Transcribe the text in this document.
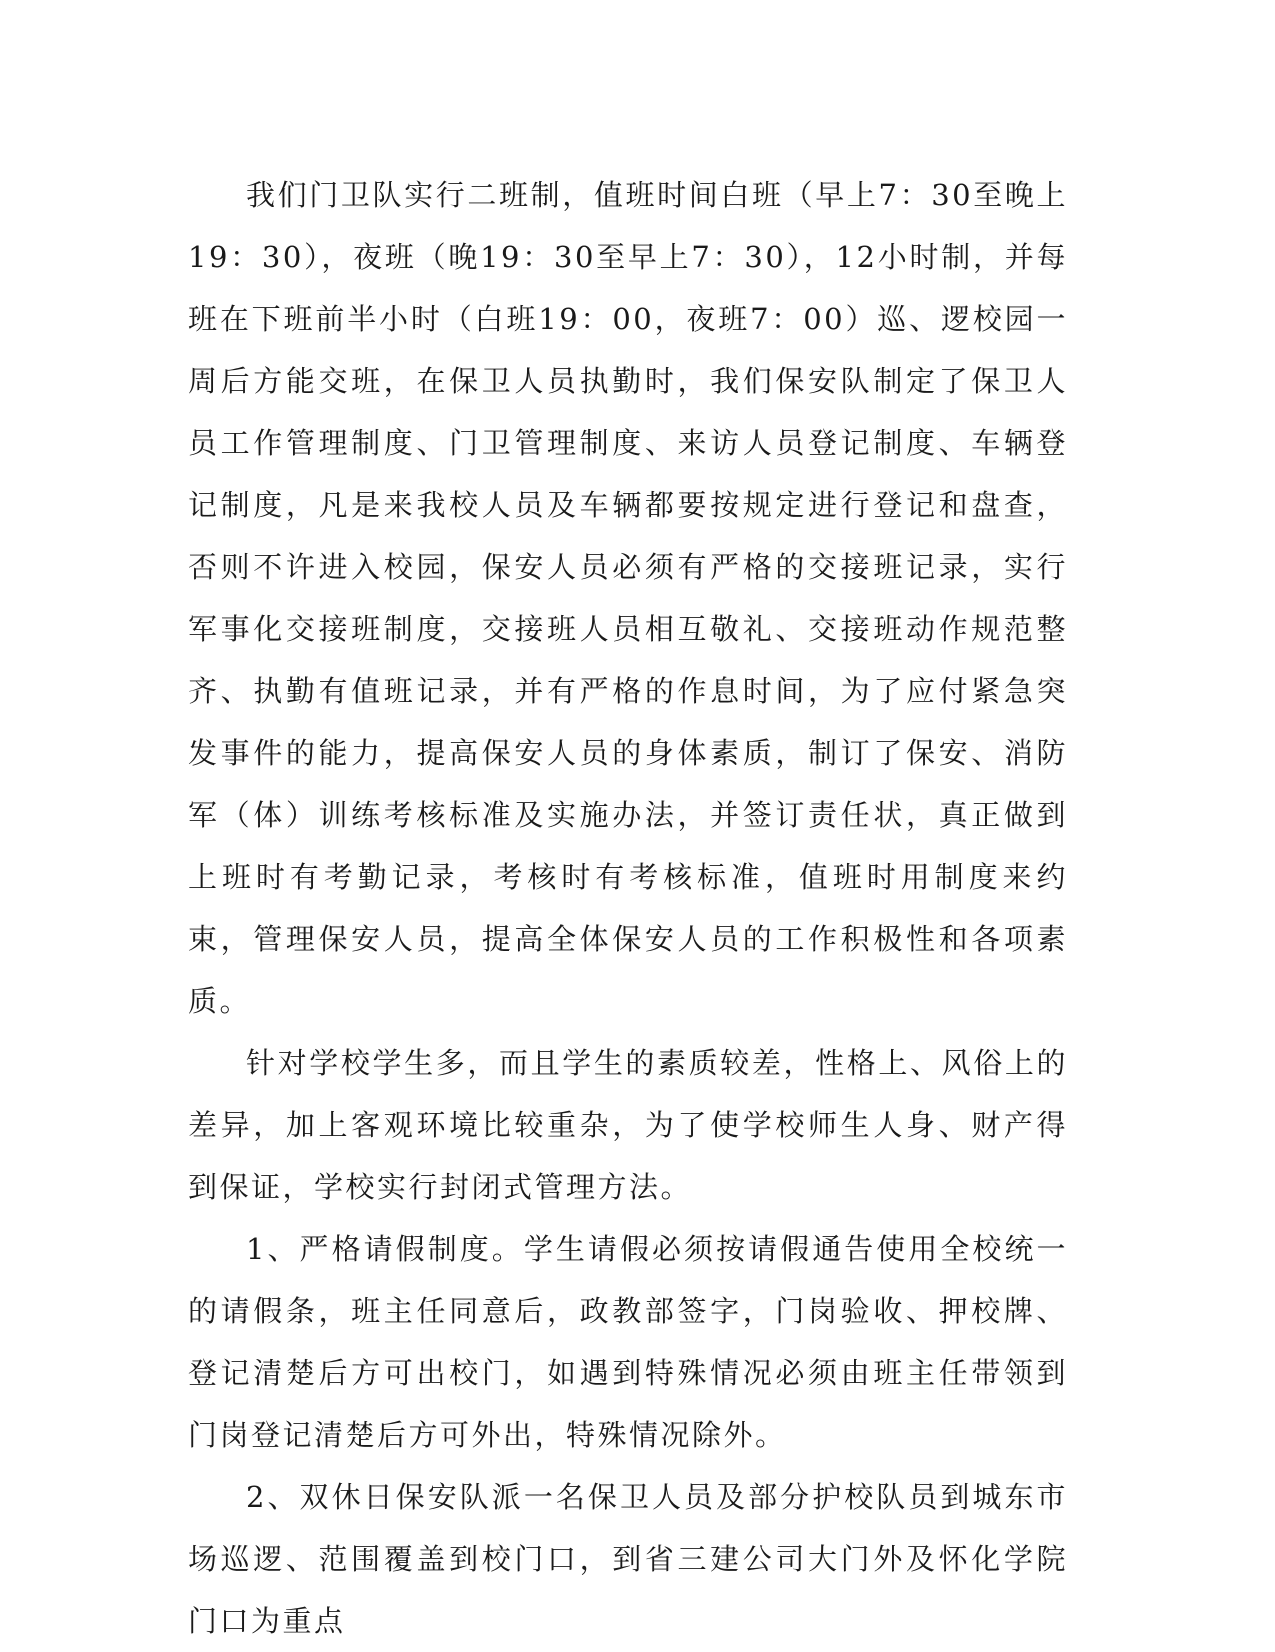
我们门卫队实行二班制，值班时间白班（早上7：30至晚上19：30），夜班（晚19：30至早上7：30），12小时制，并每班在下班前半小时（白班19：00，夜班7：00）巡、逻校园一周后方能交班，在保卫人员执勤时，我们保安队制定了保卫人员工作管理制度、门卫管理制度、来访人员登记制度、车辆登记制度，凡是来我校人员及车辆都要按规定进行登记和盘查，否则不许进入校园，保安人员必须有严格的交接班记录，实行军事化交接班制度，交接班人员相互敬礼、交接班动作规范整齐、执勤有值班记录，并有严格的作息时间，为了应付紧急突发事件的能力，提高保安人员的身体素质，制订了保安、消防军（体）训练考核标准及实施办法，并签订责任状，真正做到上班时有考勤记录，考核时有考核标准，值班时用制度来约束，管理保安人员，提高全体保安人员的工作积极性和各项素质。

针对学校学生多，而且学生的素质较差，性格上、风俗上的差异，加上客观环境比较重杂，为了使学校师生人身、财产得到保证，学校实行封闭式管理方法。

1、严格请假制度。学生请假必须按请假通告使用全校统一的请假条，班主任同意后，政教部签字，门岗验收、押校牌、登记清楚后方可出校门，如遇到特殊情况必须由班主任带领到门岗登记清楚后方可外出，特殊情况除外。

2、双休日保安队派一名保卫人员及部分护校队员到城东市场巡逻、范围覆盖到校门口，到省三建公司大门外及怀化学院门口为重点
